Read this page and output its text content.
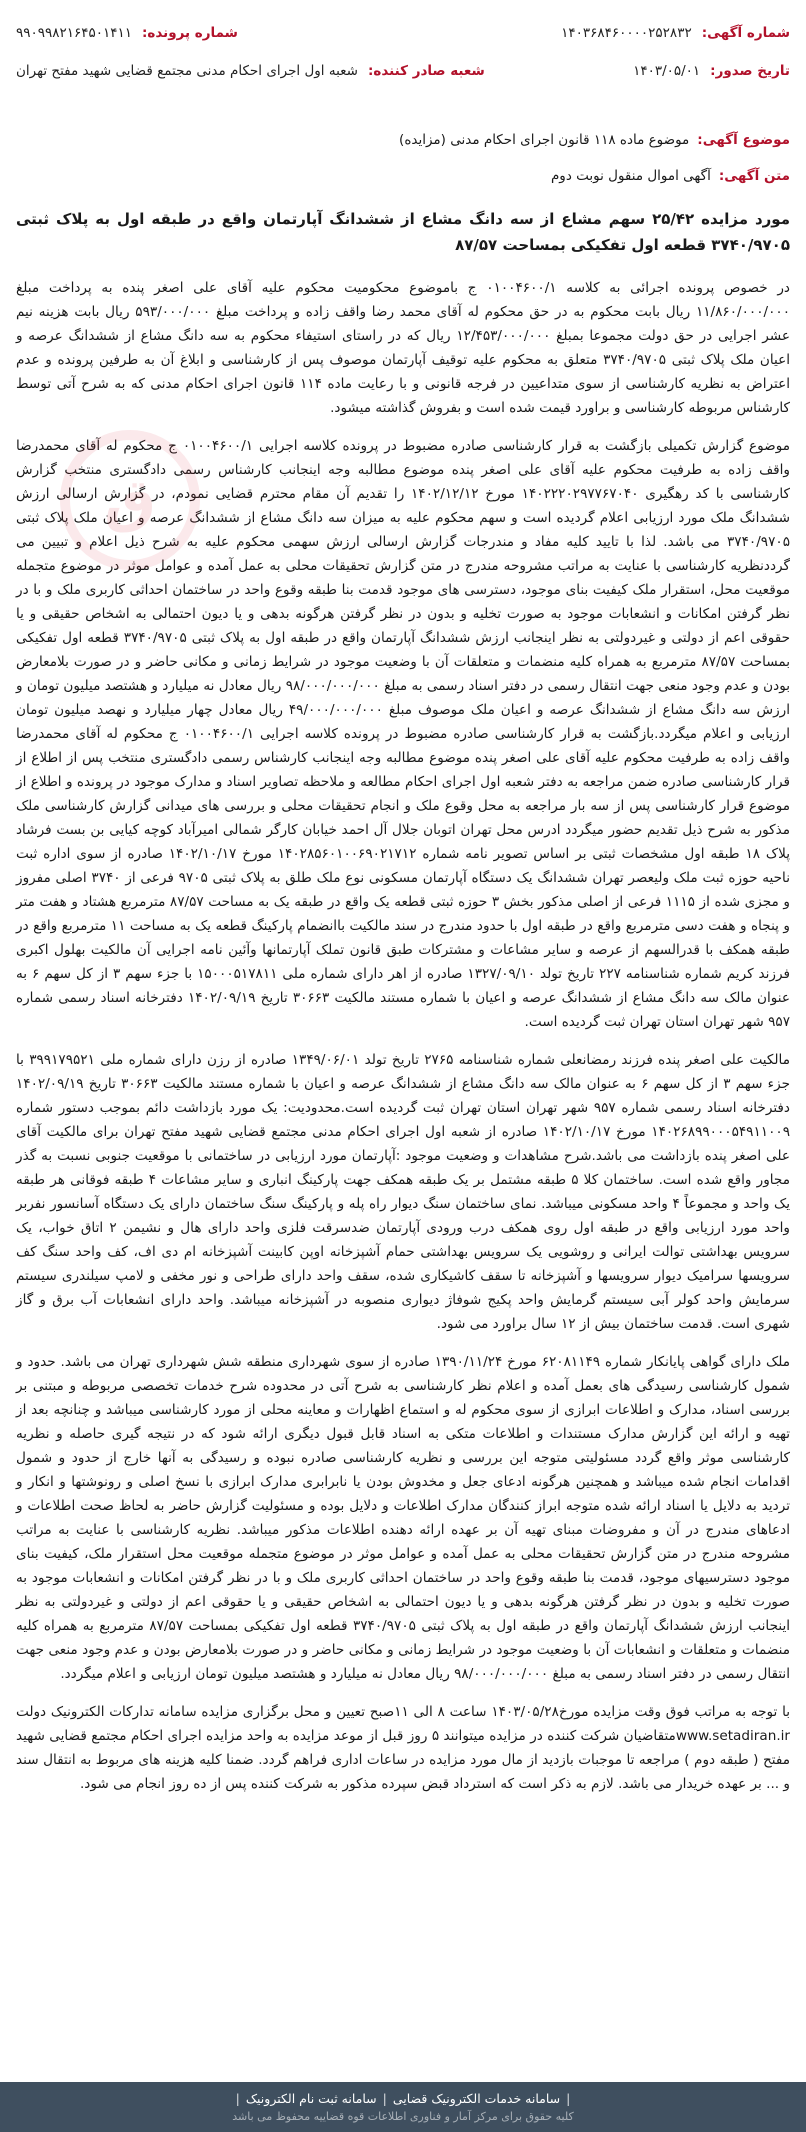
ق
شماره آگهی:
۱۴۰۳۶۸۴۶۰۰۰۰۲۵۲۸۳۲
شماره پرونده:
۹۹۰۹۹۸۲۱۶۴۵۰۱۴۱۱
تاریخ صدور:
۱۴۰۳/۰۵/۰۱
شعبه صادر کننده:
شعبه اول اجرای احکام مدنی مجتمع قضایی شهید مفتح تهران
موضوع آگهی:
موضوع ماده ۱۱۸ قانون اجرای احکام مدنی (مزایده)
متن آگهی:
آگهی اموال منقول نوبت دوم
مورد مزایده ۲۵/۴۲ سهم مشاع از سه دانگ مشاع از ششدانگ آپارتمان واقع در طبقه اول به پلاک ثبتی ۳۷۴۰/۹۷۰۵ قطعه اول تفکیکی بمساحت ۸۷/۵۷

در خصوص پرونده اجرائی به کلاسه ۰۱۰۰۴۶۰۰/۱ ج باموضوع محکومیت محکوم علیه آقای علی اصغر پنده به پرداخت مبلغ ۱۱/۸۶۰/۰۰۰/۰۰۰ ریال بابت محکوم به در حق محکوم له آقای محمد رضا واقف زاده و پرداخت مبلغ ۵۹۳/۰۰۰/۰۰۰ ریال بابت هزینه نیم عشر اجرایی در حق دولت مجموعا بمبلغ ۱۲/۴۵۳/۰۰۰/۰۰۰ ریال که در راستای استیفاء محکوم به سه دانگ مشاع از ششدانگ عرصه و اعیان ملک پلاک ثبتی ۳۷۴۰/۹۷۰۵ متعلق به محکوم علیه توقیف آپارتمان موصوف پس از کارشناسی و ابلاغ آن به طرفین پرونده و عدم اعتراض به نظریه کارشناسی از سوی متداعیین در فرجه قانونی و با رعایت ماده ۱۱۴ قانون اجرای احکام مدنی که به شرح آتی توسط کارشناس مربوطه کارشناسی و براورد قیمت شده است و بفروش گذاشته میشود.

موضوع گزارش تکمیلی بازگشت به قرار کارشناسی صادره مضبوط در پرونده کلاسه اجرایی ۰۱۰۰۴۶۰۰/۱ ج محکوم له آقای محمدرضا واقف زاده به طرفیت محکوم علیه آقای علی اصغر پنده موضوع مطالبه وجه اینجانب کارشناس رسمی دادگستری منتخب گزارش کارشناسی با کد رهگیری ۱۴۰۲۲۲۰۲۹۷۷۶۷۰۴۰ مورخ ۱۴۰۲/۱۲/۱۲ را تقدیم آن مقام محترم قضایی نمودم، در گزارش ارسالی ارزش ششدانگ ملک مورد ارزیابی اعلام گردیده است و سهم محکوم علیه به میزان سه دانگ مشاع از ششدانگ عرصه و اعیان ملک پلاک ثبتی ۳۷۴۰/۹۷۰۵ می باشد. لذا با تایید کلیه مفاد و مندرجات گزارش ارسالی ارزش سهمی محکوم علیه به شرح ذیل اعلام و تبیین می گرددنظریه کارشناسی با عنایت به مراتب مشروحه مندرج در متن گزارش تحقیقات محلی به عمل آمده و عوامل موثر در موضوع متجمله موقعیت محل، استقرار ملک کیفیت بنای موجود، دسترسی های موجود قدمت بنا طبقه وقوع واحد در ساختمان احداثی کاربری ملک و با در نظر گرفتن امکانات و انشعابات موجود به صورت تخلیه و بدون در نظر گرفتن هرگونه بدهی و یا دیون احتمالی به اشخاص حقیقی و یا حقوقی اعم از دولتی و غیردولتی به نظر اینجانب ارزش ششدانگ آپارتمان واقع در طبقه اول به پلاک ثبتی ۳۷۴۰/۹۷۰۵ قطعه اول تفکیکی بمساحت ۸۷/۵۷ مترمربع به همراه کلیه منضمات و متعلقات آن با وضعیت موجود در شرایط زمانی و مکانی حاضر و در صورت بلامعارض بودن و عدم وجود منعی جهت انتقال رسمی در دفتر اسناد رسمی به مبلغ ۹۸/۰۰۰/۰۰۰/۰۰۰ ریال معادل نه میلیارد و هشتصد میلیون تومان و ارزش سه دانگ مشاع از ششدانگ عرصه و اعیان ملک موصوف مبلغ ۴۹/۰۰۰/۰۰۰/۰۰۰ ریال معادل چهار میلیارد و نهصد میلیون تومان ارزیابی و اعلام میگردد.بازگشت به قرار کارشناسی صادره مضبوط در پرونده کلاسه اجرایی ۰۱۰۰۴۶۰۰/۱ ج محکوم له آقای محمدرضا واقف زاده به طرفیت محکوم علیه آقای علی اصغر پنده موضوع مطالبه وجه اینجانب کارشناس رسمی دادگستری منتخب پس از اطلاع از قرار کارشناسی صادره ضمن مراجعه به دفتر شعبه اول اجرای احکام مطالعه و ملاحظه تصاویر اسناد و مدارک موجود در پرونده و اطلاع از موضوع قرار کارشناسی پس از سه بار مراجعه به محل وقوع ملک و انجام تحقیقات محلی و بررسی های میدانی گزارش کارشناسی ملک مذکور به شرح ذیل تقدیم حضور میگردد ادرس محل تهران اتوبان جلال آل احمد خیابان کارگر شمالی امیرآباد کوچه کیایی بن بست فرشاد پلاک ۱۸ طبقه اول مشخصات ثبتی بر اساس تصویر نامه شماره ۱۴۰۲۸۵۶۰۱۰۰۶۹۰۲۱۷۱۲ مورخ ۱۴۰۲/۱۰/۱۷ صادره از سوی اداره ثبت ناحیه حوزه ثبت ملک ولیعصر تهران ششدانگ یک دستگاه آپارتمان مسکونی نوع ملک طلق به پلاک ثبتی ۹۷۰۵ فرعی از ۳۷۴۰ اصلی مفروز و مجزی شده از ۱۱۱۵ فرعی از اصلی مذکور بخش ۳ حوزه ثبتی قطعه یک واقع در طبقه یک به مساحت ۸۷/۵۷ مترمربع هشتاد و هفت متر و پنجاه و هفت دسی مترمربع واقع در طبقه اول با حدود مندرج در سند مالکیت باانضمام پارکینگ قطعه یک به مساحت ۱۱ مترمربع واقع در طبقه همکف با قدرالسهم از عرصه و سایر مشاعات و مشترکات طبق قانون تملک آپارتمانها وآئین نامه اجرایی آن مالکیت بهلول اکبری فرزند کریم شماره شناسنامه ۲۲۷ تاریخ تولد ۱۳۲۷/۰۹/۱۰ صادره از اهر دارای شماره ملی ۱۵۰۰۰۵۱۷۸۱۱ با جزء سهم ۳ از کل سهم ۶ به عنوان مالک سه دانگ مشاع از ششدانگ عرصه و اعیان با شماره مستند مالکیت ۳۰۶۶۳ تاریخ ۱۴۰۲/۰۹/۱۹ دفترخانه اسناد رسمی شماره ۹۵۷ شهر تهران استان تهران ثبت گردیده است.

مالکیت علی اصغر پنده فرزند رمضانعلی شماره شناسنامه ۲۷۶۵ تاریخ تولد ۱۳۴۹/۰۶/۰۱ صادره از رزن دارای شماره ملی ۳۹۹۱۷۹۵۲۱ با جزء سهم ۳ از کل سهم ۶ به عنوان مالک سه دانگ مشاع از ششدانگ عرصه و اعیان با شماره مستند مالکیت ۳۰۶۶۳ تاریخ ۱۴۰۲/۰۹/۱۹ دفترخانه اسناد رسمی شماره ۹۵۷ شهر تهران استان تهران ثبت گردیده است.محدودیت: یک مورد بازداشت دائم بموجب دستور شماره ۱۴۰۲۶۸۹۹۰۰۰۵۴۹۱۱۰۰۹ مورخ ۱۴۰۲/۱۰/۱۷ صادره از شعبه اول اجرای احکام مدنی مجتمع قضایی شهید مفتح تهران برای مالکیت آقای علی اصغر پنده بازداشت می باشد.شرح مشاهدات و وضعیت موجود :آپارتمان مورد ارزیابی در ساختمانی با موقعیت جنوبی نسبت به گذر مجاور واقع شده است. ساختمان کلا ۵ طبقه مشتمل بر یک طبقه همکف جهت پارکینگ انباری و سایر مشاعات ۴ طبقه فوقانی هر طبقه یک واحد و مجموعاً ۴ واحد مسکونی میباشد. نمای ساختمان سنگ دیوار راه پله و پارکینگ سنگ ساختمان دارای یک دستگاه آسانسور نفربر واحد مورد ارزیابی واقع در طبقه اول روی همکف درب ورودی آپارتمان ضدسرقت فلزی واحد دارای هال و نشیمن ۲ اتاق خواب، یک سرویس بهداشتی توالت ایرانی و روشویی یک سرویس بهداشتی حمام آشپزخانه اوپن کابینت آشپزخانه ام دی اف، کف واحد سنگ کف سرویسها سرامیک دیوار سرویسها و آشپزخانه تا سقف کاشیکاری شده، سقف واحد دارای طراحی و نور مخفی و لامپ سیلندری سیستم سرمایش واحد کولر آبی سیستم گرمایش واحد پکیج شوفاژ دیواری منصوبه در آشپزخانه میباشد. واحد دارای انشعابات آب برق و گاز شهری است. قدمت ساختمان بیش از ۱۲ سال براورد می شود.

ملک دارای گواهی پایانکار شماره ۶۲۰۸۱۱۴۹ مورخ ۱۳۹۰/۱۱/۲۴ صادره از سوی شهرداری منطقه شش شهرداری تهران می باشد. حدود و شمول کارشناسی رسیدگی های بعمل آمده و اعلام نظر کارشناسی به شرح آتی در محدوده شرح خدمات تخصصی مربوطه و مبتنی بر بررسی اسناد، مدارک و اطلاعات ابرازی از سوی محکوم له و استماع اظهارات و معاینه محلی از مورد کارشناسی میباشد و چنانچه بعد از تهیه و ارائه این گزارش مدارک مستندات و اطلاعات متکی به اسناد قابل قبول دیگری ارائه شود که در نتیجه گیری حاصله و نظریه کارشناسی موثر واقع گردد مسئولیتی متوجه این بررسی و نظریه کارشناسی صادره نبوده و رسیدگی به آنها خارج از حدود و شمول اقدامات انجام شده میباشد و همچنین هرگونه ادعای جعل و مخدوش بودن یا نابرابری مدارک ابرازی با نسخ اصلی و رونوشتها و انکار و تردید به دلایل یا اسناد ارائه شده متوجه ابراز کنندگان مدارک اطلاعات و دلایل بوده و مسئولیت گزارش حاضر به لحاظ صحت اطلاعات و ادعاهای مندرج در آن و مفروضات مبنای تهیه آن بر عهده ارائه دهنده اطلاعات مذکور میباشد. نظریه کارشناسی با عنایت به مراتب مشروحه مندرج در متن گزارش تحقیقات محلی به عمل آمده و عوامل موثر در موضوع متجمله موقعیت محل استقرار ملک، کیفیت بنای موجود دسترسیهای موجود، قدمت بنا طبقه وقوع واحد در ساختمان احداثی کاربری ملک و با در نظر گرفتن امکانات و انشعابات موجود به صورت تخلیه و بدون در نظر گرفتن هرگونه بدهی و یا دیون احتمالی به اشخاص حقیقی و یا حقوقی اعم از دولتی و غیردولتی به نظر اینجانب ارزش ششدانگ آپارتمان واقع در طبقه اول به پلاک ثبتی ۳۷۴۰/۹۷۰۵ قطعه اول تفکیکی بمساحت ۸۷/۵۷ مترمربع به همراه کلیه منضمات و متعلقات و انشعابات آن با وضعیت موجود در شرایط زمانی و مکانی حاضر و در صورت بلامعارض بودن و عدم وجود منعی جهت انتقال رسمی در دفتر اسناد رسمی به مبلغ ۹۸/۰۰۰/۰۰۰/۰۰۰ ریال معادل نه میلیارد و هشتصد میلیون تومان ارزیابی و اعلام میگردد.

با توجه به مراتب فوق وقت مزایده مورخ۱۴۰۳/۰۵/۲۸ ساعت ۸ الی ۱۱صبح تعیین و محل برگزاری مزایده سامانه تدارکات الکترونیک دولت www.setadiran.irمتقاضیان شرکت کننده در مزایده میتوانند ۵ روز قبل از موعد مزایده به واحد مزایده اجرای احکام مجتمع قضایی شهید مفتح ( طبقه دوم ) مراجعه تا موجبات بازدید از مال مورد مزایده در ساعات اداری فراهم گردد. ضمنا کلیه هزینه های مربوط به انتقال سند و ... بر عهده خریدار می باشد. لازم به ذکر است که استرداد قبض سپرده مذکور به شرکت کننده پس از ده روز انجام می شود.

|
سامانه خدمات الکترونیک قضایی
|
سامانه ثبت نام الکترونیک
|
کلیه حقوق برای مرکز آمار و فناوری اطلاعات قوه قضاییه محفوظ می باشد
